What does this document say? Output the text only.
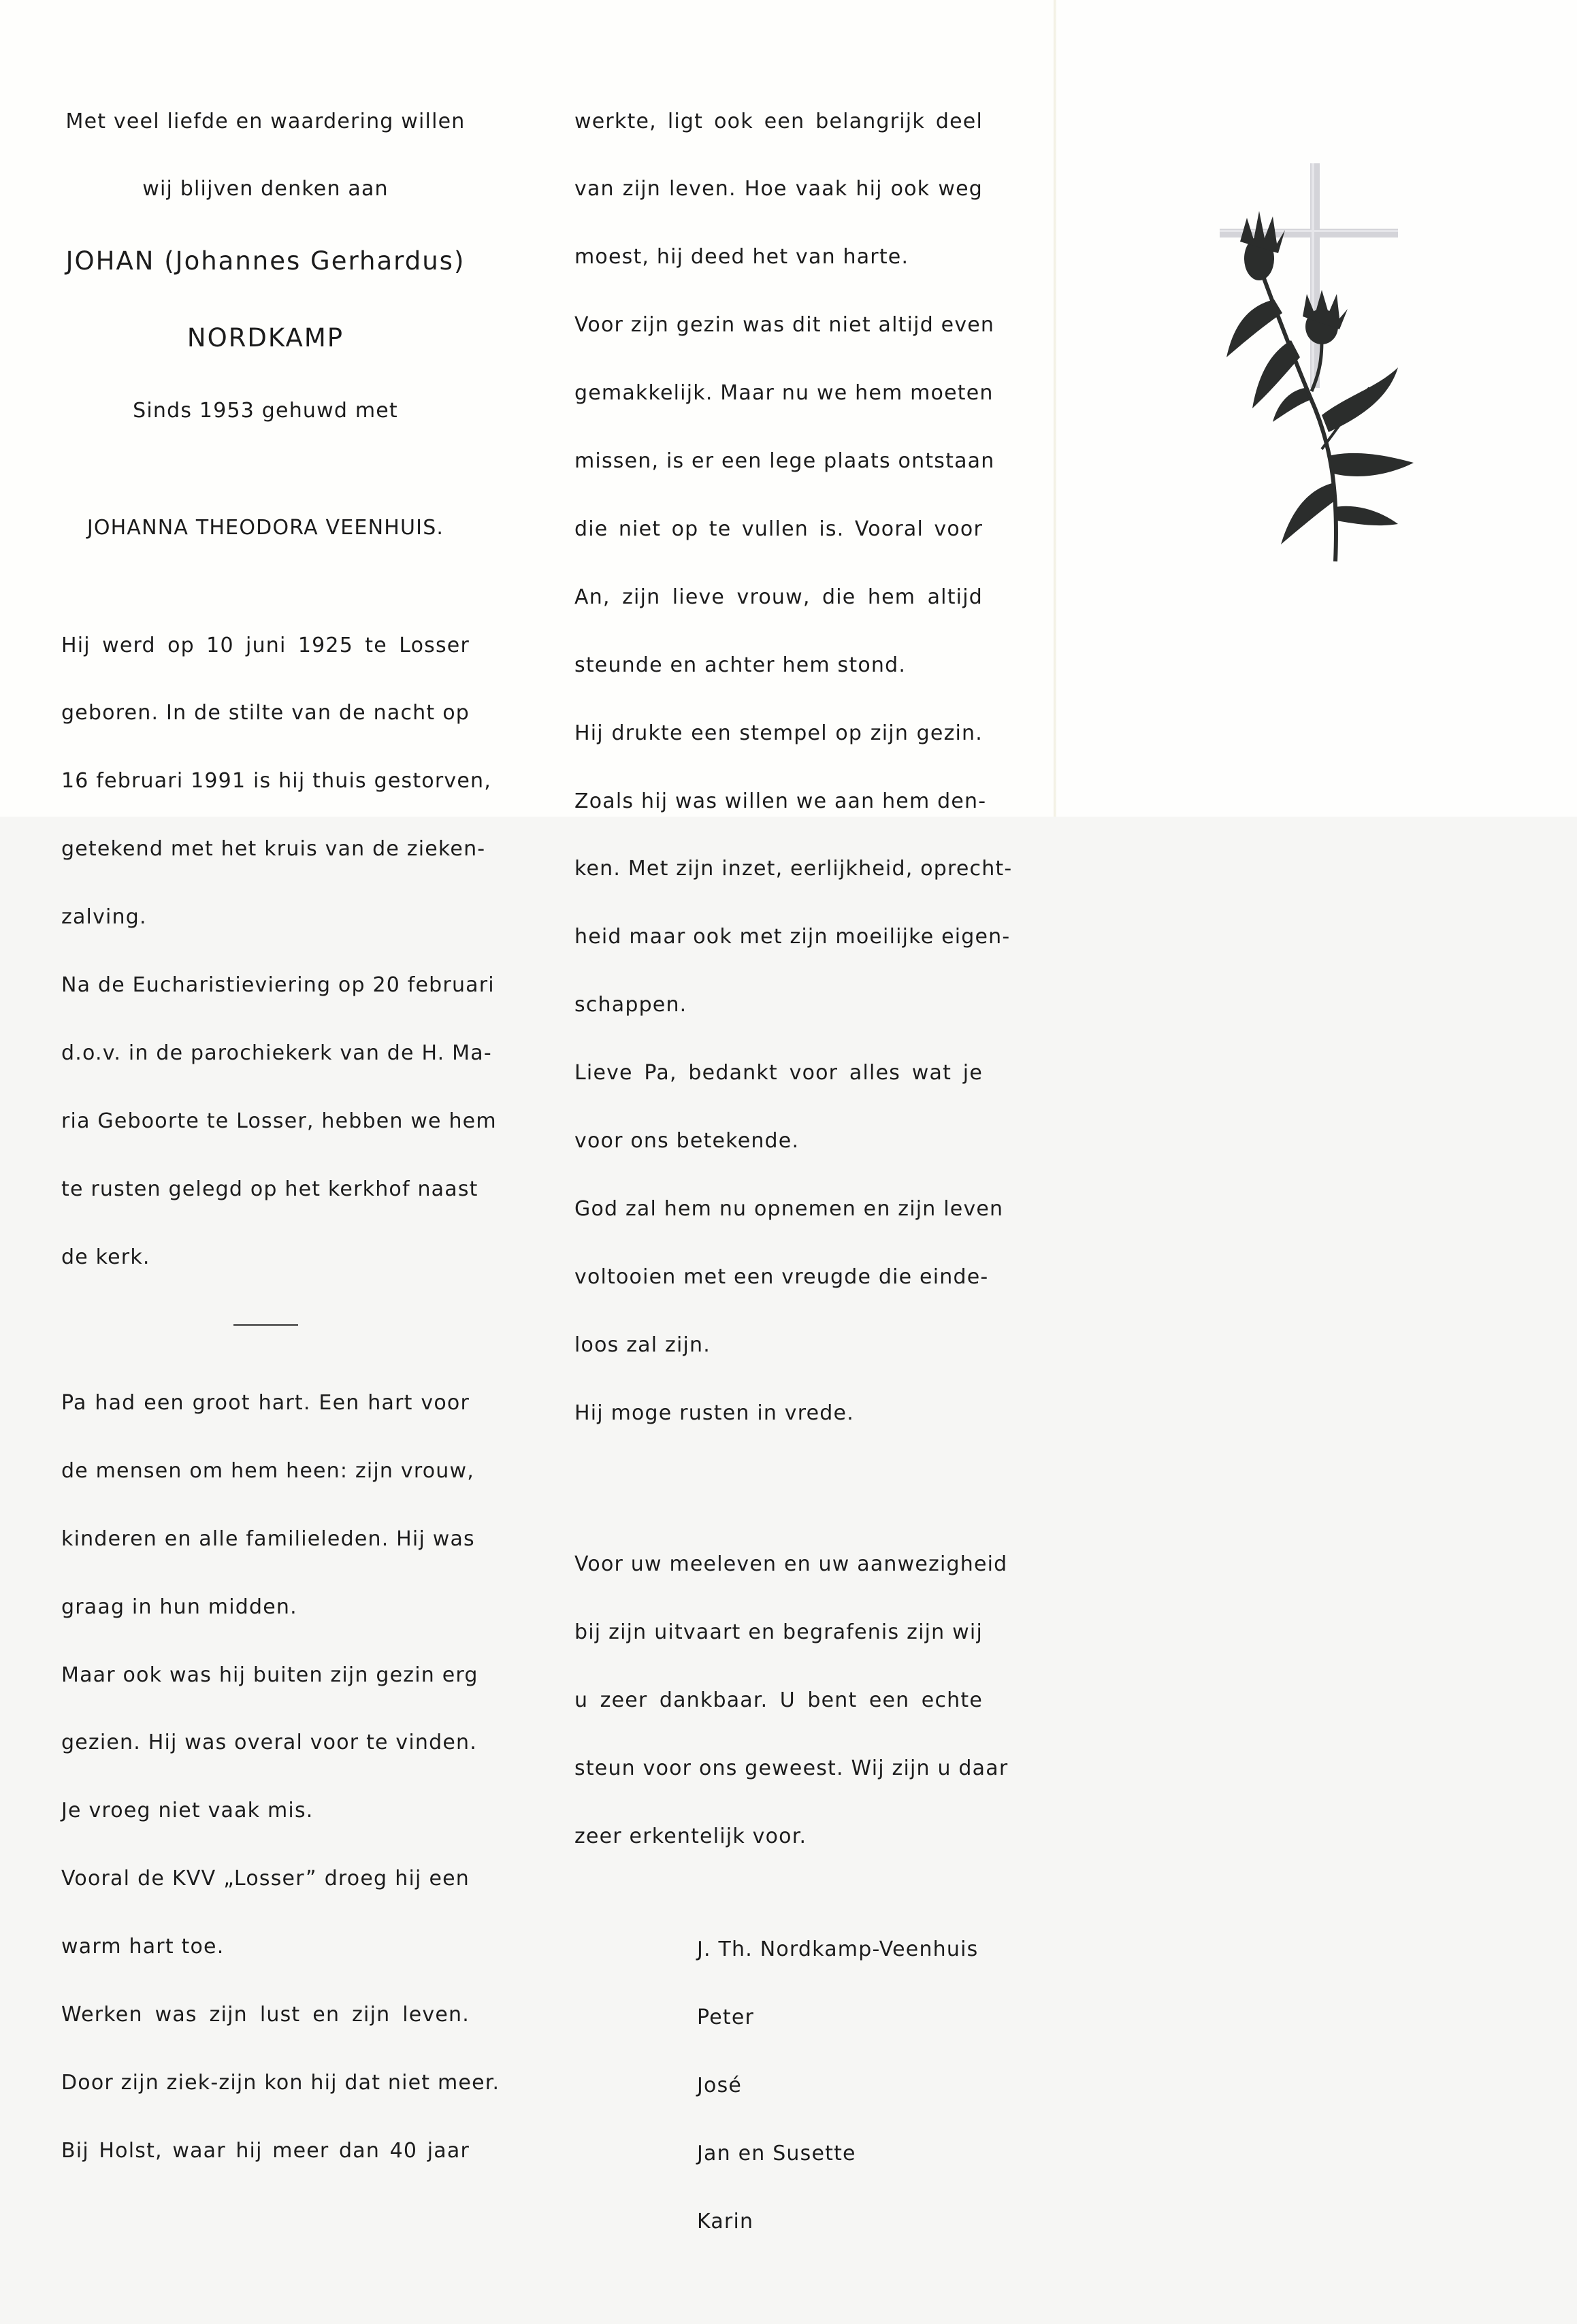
Met veel liefde en waardering willen

wij blijven denken aan

JOHAN (Johannes Gerhardus)

NORDKAMP

Sinds 1953 gehuwd met

JOHANNA THEODORA VEENHUIS.

Hij werd op 10 juni 1925 te Losser

geboren. In de stilte van de nacht op

16 februari 1991 is hij thuis gestorven,

getekend met het kruis van de zieken-

zalving.

Na de Eucharistieviering op 20 februari

d.o.v. in de parochiekerk van de H. Ma-

ria Geboorte te Losser, hebben we hem

te rusten gelegd op het kerkhof naast

de kerk.

Pa had een groot hart. Een hart voor

de mensen om hem heen: zijn vrouw,

kinderen en alle familieleden. Hij was

graag in hun midden.

Maar ook was hij buiten zijn gezin erg

gezien. Hij was overal voor te vinden.

Je vroeg niet vaak mis.

Vooral de KVV „Losser” droeg hij een

warm hart toe.

Werken was zijn lust en zijn leven.

Door zijn ziek-zijn kon hij dat niet meer.

Bij Holst, waar hij meer dan 40 jaar

werkte, ligt ook een belangrijk deel

van zijn leven. Hoe vaak hij ook weg

moest, hij deed het van harte.

Voor zijn gezin was dit niet altijd even

gemakkelijk. Maar nu we hem moeten

missen, is er een lege plaats ontstaan

die niet op te vullen is. Vooral voor

An, zijn lieve vrouw, die hem altijd

steunde en achter hem stond.

Hij drukte een stempel op zijn gezin.

Zoals hij was willen we aan hem den-

ken. Met zijn inzet, eerlijkheid, oprecht-

heid maar ook met zijn moeilijke eigen-

schappen.

Lieve Pa, bedankt voor alles wat je

voor ons betekende.

God zal hem nu opnemen en zijn leven

voltooien met een vreugde die einde-

loos zal zijn.

Hij moge rusten in vrede.

Voor uw meeleven en uw aanwezigheid

bij zijn uitvaart en begrafenis zijn wij

u zeer dankbaar. U bent een echte

steun voor ons geweest. Wij zijn u daar

zeer erkentelijk voor.

J. Th. Nordkamp-Veenhuis

Peter

José

Jan en Susette

Karin
